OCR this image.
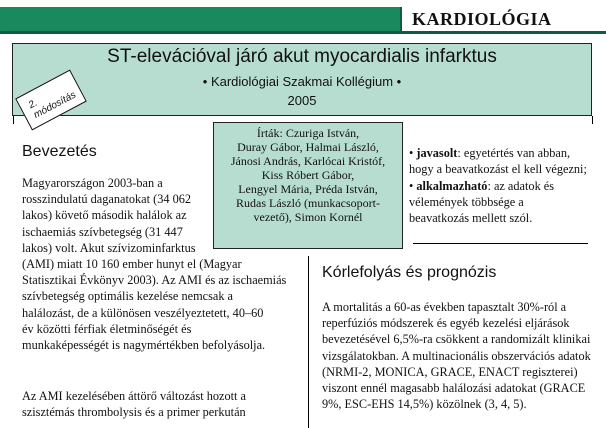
KARDIOLÓGIA
ST-elevációval járó akut myocardialis infarktus
• Kardiológiai Szakmai Kollégium •
2005
2. módosítás
Írták: Czuriga István,
Duray Gábor, Halmai László,
Jánosi András, Karlócai Kristóf,
Kiss Róbert Gábor,
Lengyel Mária, Préda István,
Rudas László (munkacsoport-
vezető), Simon Kornél
Bevezetés
Magyarországon 2003-ban a
rosszindulatú daganatokat (34 062
lakos) követő második halálok az
ischaemiás szívbetegség (31 447
lakos) volt. Akut szívizominfarktus
(AMI) miatt 10 160 ember hunyt el (Magyar
Statisztikai Évkönyv 2003). Az AMI és az ischaemiás
szívbetegség optimális kezelése nemcsak a
halálozást, de a különösen veszélyeztetett, 40–60
év közötti férfiak életminőségét és
munkaképességét is nagymértékben befolyásolja.
Az AMI kezelésében áttörő változást hozott a
szisztémás thrombolysis és a primer perkután
• javasolt: egyetértés van abban,
hogy a beavatkozást el kell végezni;
• alkalmazható: az adatok és
vélemények többsége a
beavatkozás mellett szól.
Kórlefolyás és prognózis
A mortalitás a 60-as években tapasztalt 30%-ról a
reperfúziós módszerek és egyéb kezelési eljárások
bevezetésével 6,5%-ra csökkent a randomizált klinikai
vizsgálatokban. A multinacionális obszervációs adatok
(NRMI-2, MONICA, GRACE, ENACT regiszterei)
viszont ennél magasabb halálozási adatokat (GRACE
9%, ESC-EHS 14,5%) közölnek (3, 4, 5).
